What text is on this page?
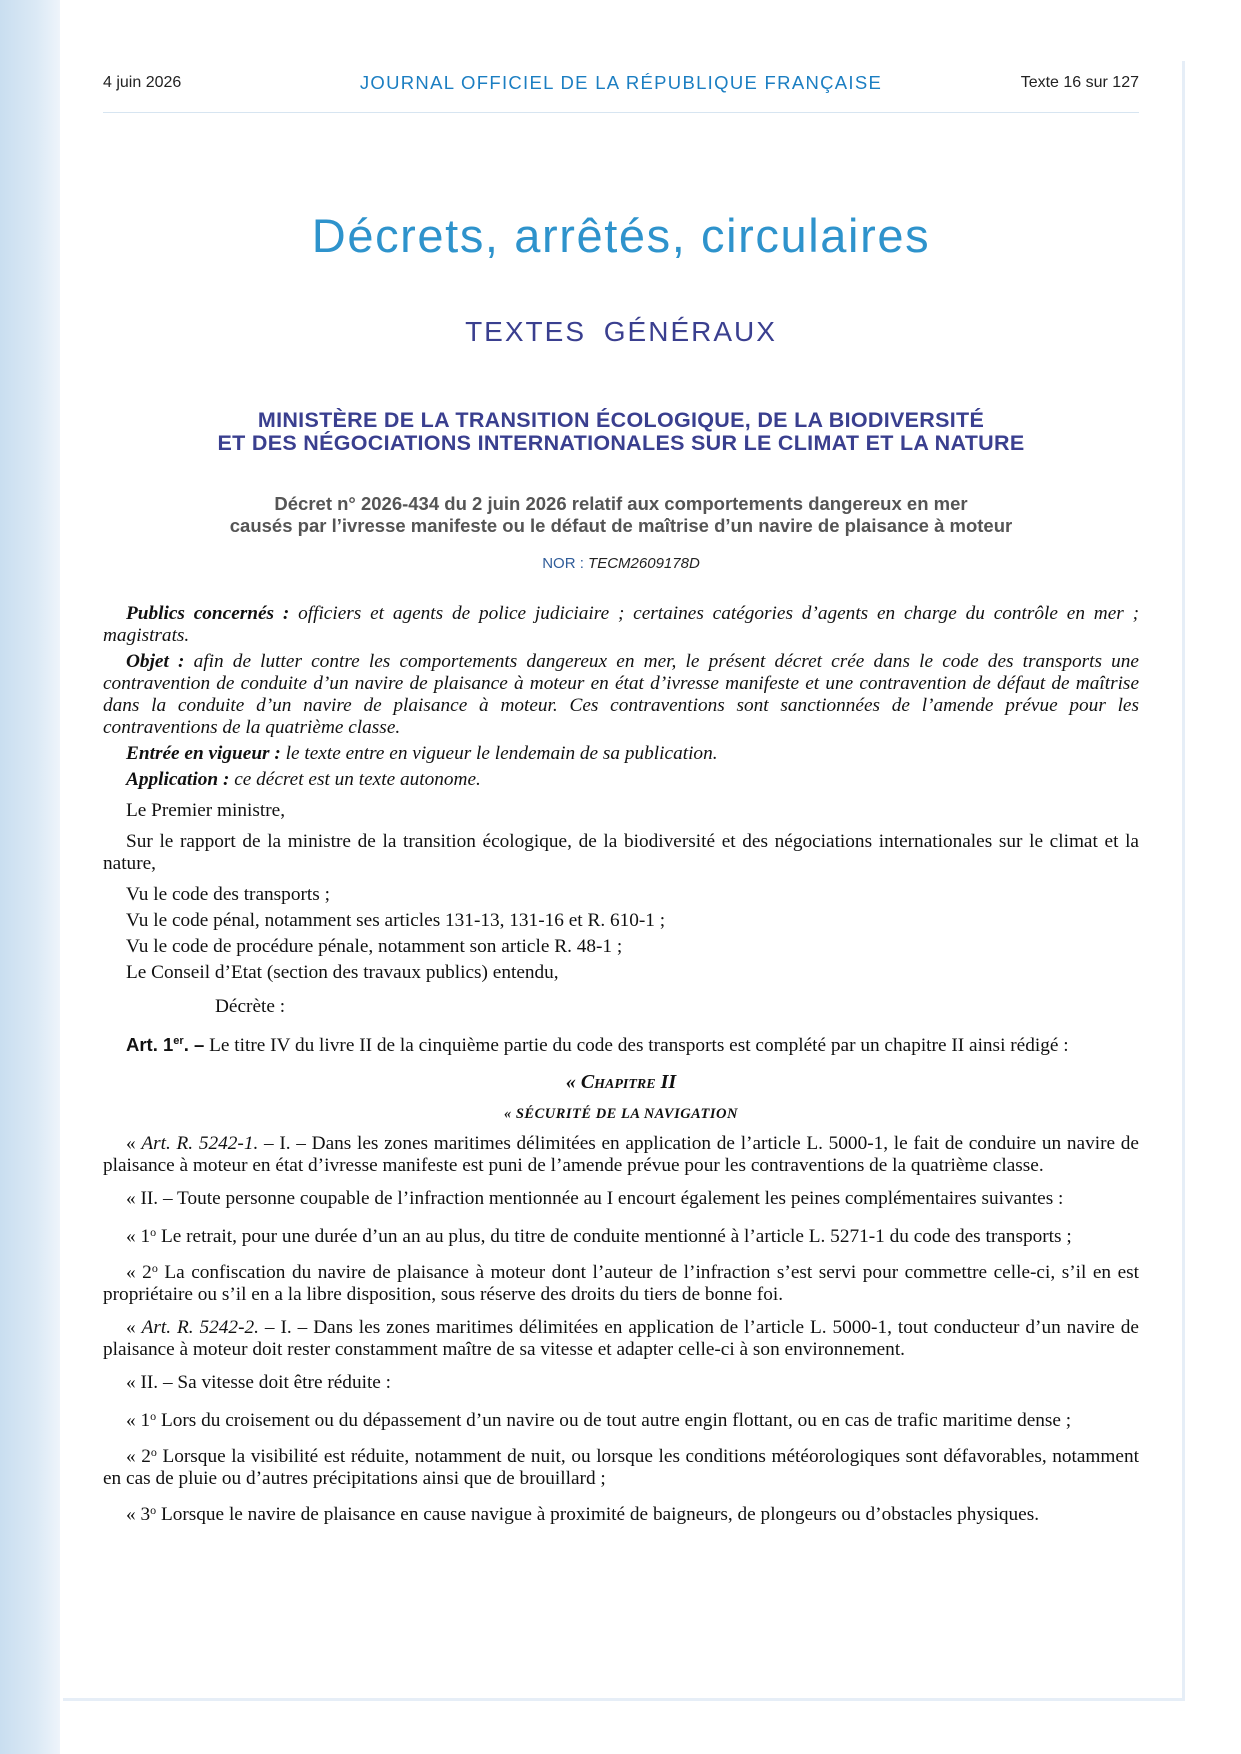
4 juin 2026	JOURNAL OFFICIEL DE LA RÉPUBLIQUE FRANÇAISE	Texte 16 sur 127
Décrets, arrêtés, circulaires
TEXTES GÉNÉRAUX
MINISTÈRE DE LA TRANSITION ÉCOLOGIQUE, DE LA BIODIVERSITÉ
ET DES NÉGOCIATIONS INTERNATIONALES SUR LE CLIMAT ET LA NATURE
Décret n° 2026-434 du 2 juin 2026 relatif aux comportements dangereux en mer
causés par l’ivresse manifeste ou le défaut de maîtrise d’un navire de plaisance à moteur
NOR : TECM2609178D

Publics concernés : officiers et agents de police judiciaire ; certaines catégories d’agents en charge du contrôle en mer ; magistrats.

Objet : afin de lutter contre les comportements dangereux en mer, le présent décret crée dans le code des transports une contravention de conduite d’un navire de plaisance à moteur en état d’ivresse manifeste et une contravention de défaut de maîtrise dans la conduite d’un navire de plaisance à moteur. Ces contraventions sont sanctionnées de l’amende prévue pour les contraventions de la quatrième classe.

Entrée en vigueur : le texte entre en vigueur le lendemain de sa publication.

Application : ce décret est un texte autonome.

Le Premier ministre,

Sur le rapport de la ministre de la transition écologique, de la biodiversité et des négociations internationales sur le climat et la nature,

Vu le code des transports ;

Vu le code pénal, notamment ses articles 131-13, 131-16 et R. 610-1 ;

Vu le code de procédure pénale, notamment son article R. 48-1 ;

Le Conseil d’Etat (section des travaux publics) entendu,

Décrète :

Art. 1er. – Le titre IV du livre II de la cinquième partie du code des transports est complété par un chapitre II ainsi rédigé :

« Chapitre II

« SÉCURITÉ DE LA NAVIGATION

« Art. R. 5242-1. – I. – Dans les zones maritimes délimitées en application de l’article L. 5000-1, le fait de conduire un navire de plaisance à moteur en état d’ivresse manifeste est puni de l’amende prévue pour les contraventions de la quatrième classe.

« II. – Toute personne coupable de l’infraction mentionnée au I encourt également les peines complémentaires suivantes :

« 1$^o$ Le retrait, pour une durée d’un an au plus, du titre de conduite mentionné à l’article L. 5271-1 du code des transports ;

« 2$^o$ La confiscation du navire de plaisance à moteur dont l’auteur de l’infraction s’est servi pour commettre celle-ci, s’il en est propriétaire ou s’il en a la libre disposition, sous réserve des droits du tiers de bonne foi.

« Art. R. 5242-2. – I. – Dans les zones maritimes délimitées en application de l’article L. 5000-1, tout conducteur d’un navire de plaisance à moteur doit rester constamment maître de sa vitesse et adapter celle-ci à son environnement.

« II. – Sa vitesse doit être réduite :

« 1$^o$ Lors du croisement ou du dépassement d’un navire ou de tout autre engin flottant, ou en cas de trafic maritime dense ;

« 2$^o$ Lorsque la visibilité est réduite, notamment de nuit, ou lorsque les conditions météorologiques sont défavorables, notamment en cas de pluie ou d’autres précipitations ainsi que de brouillard ;

« 3$^o$ Lorsque le navire de plaisance en cause navigue à proximité de baigneurs, de plongeurs ou d’obstacles physiques.
